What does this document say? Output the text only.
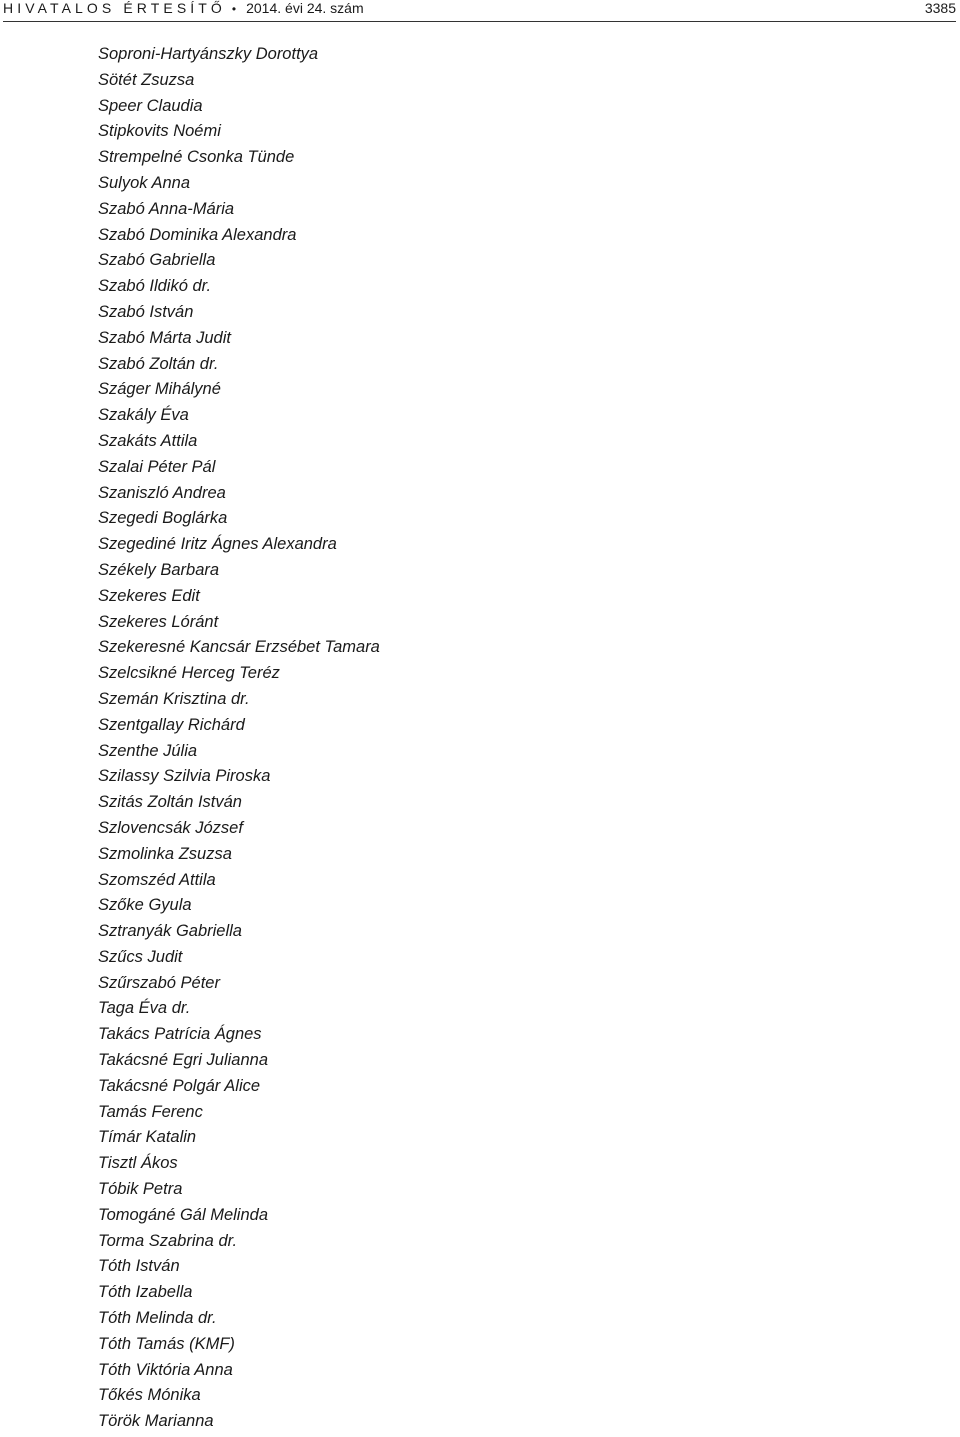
HIVATALOS ÉRTESÍTŐ • 2014. évi 24. szám	3385
Soproni-Hartyánszky Dorottya
Sötét Zsuzsa
Speer Claudia
Stipkovits Noémi
Strempelné Csonka Tünde
Sulyok Anna
Szabó Anna-Mária
Szabó Dominika Alexandra
Szabó Gabriella
Szabó Ildikó dr.
Szabó István
Szabó Márta Judit
Szabó Zoltán dr.
Száger Mihályné
Szakály Éva
Szakáts Attila
Szalai Péter Pál
Szaniszló Andrea
Szegedi Boglárka
Szegediné Iritz Ágnes Alexandra
Székely Barbara
Szekeres Edit
Szekeres Lóránt
Szekeresné Kancsár Erzsébet Tamara
Szelcsikné Herceg Teréz
Szemán Krisztina dr.
Szentgallay Richárd
Szenthe Júlia
Szilassy Szilvia Piroska
Szitás Zoltán István
Szlovencsák József
Szmolinka Zsuzsa
Szomszéd Attila
Szőke Gyula
Sztranyák Gabriella
Szűcs Judit
Szűrszabó Péter
Taga Éva dr.
Takács Patrícia Ágnes
Takácsné Egri Julianna
Takácsné Polgár Alice
Tamás Ferenc
Tímár Katalin
Tisztl Ákos
Tóbik Petra
Tomogáné Gál Melinda
Torma Szabrina dr.
Tóth István
Tóth Izabella
Tóth Melinda dr.
Tóth Tamás (KMF)
Tóth Viktória Anna
Tőkés Mónika
Török Marianna
